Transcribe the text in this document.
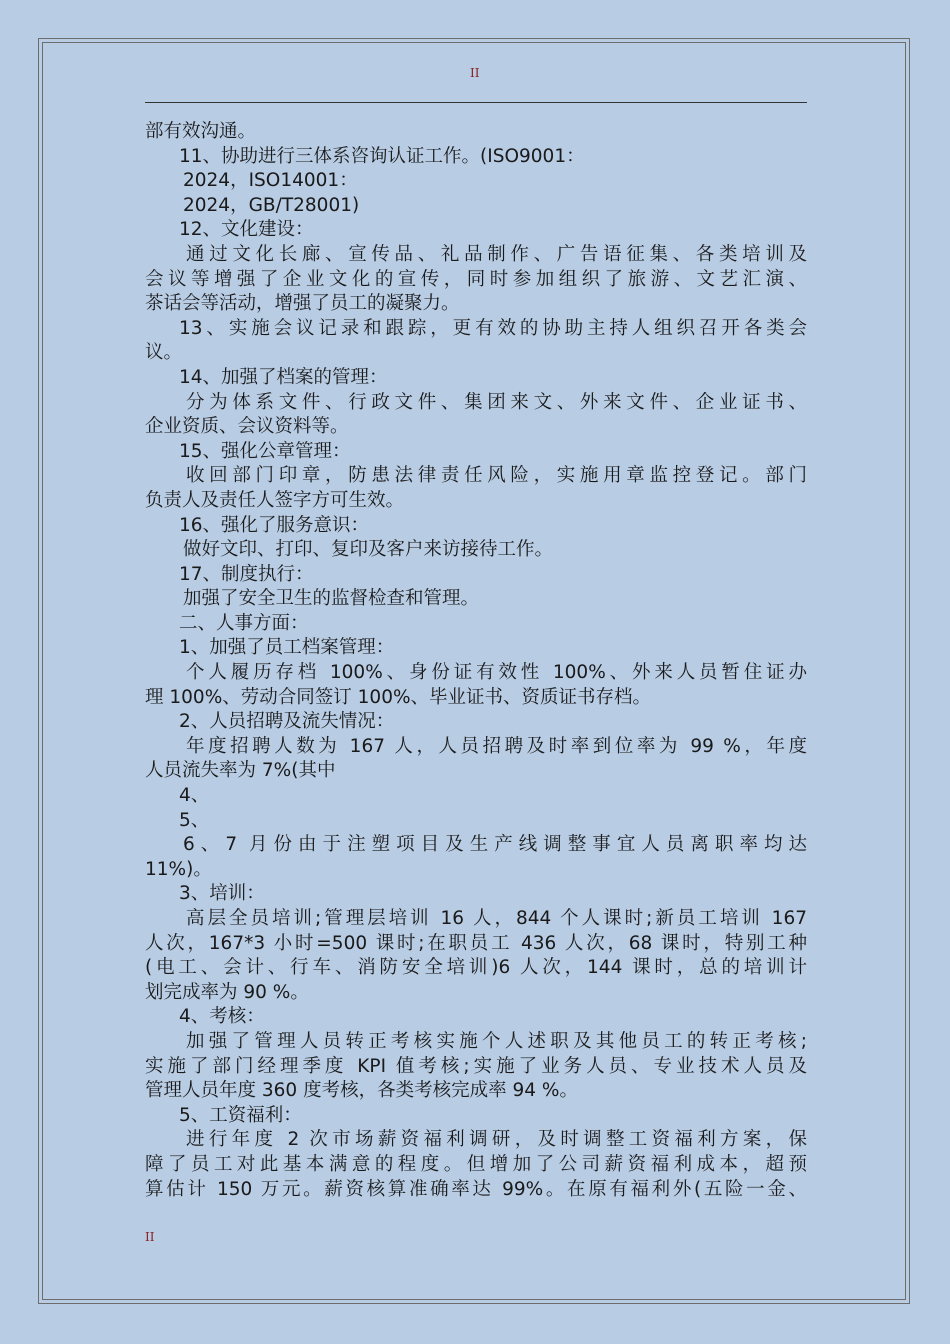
II
部有效沟通。
11、协助进行三体系咨询认证工作。(ISO9001：
2024，ISO14001：
2024，GB/T28001)
12、文化建设：
通过文化长廊、宣传品、礼品制作、广告语征集、各类培训及
会议等增强了企业文化的宣传，同时参加组织了旅游、文艺汇演、
茶话会等活动，增强了员工的凝聚力。
13、实施会议记录和跟踪，更有效的协助主持人组织召开各类会
议。
14、加强了档案的管理：
分为体系文件、行政文件、集团来文、外来文件、企业证书、
企业资质、会议资料等。
15、强化公章管理：
收回部门印章，防患法律责任风险，实施用章监控登记。部门
负责人及责任人签字方可生效。
16、强化了服务意识：
做好文印、打印、复印及客户来访接待工作。
17、制度执行：
加强了安全卫生的监督检查和管理。
二、人事方面：
1、加强了员工档案管理：
个人履历存档 100%、身份证有效性 100%、外来人员暂住证办
理 100%、劳动合同签订 100%、毕业证书、资质证书存档。
2、人员招聘及流失情况：
年度招聘人数为 167 人，人员招聘及时率到位率为 99 %，年度
人员流失率为 7%(其中
4、
5、
6、7 月份由于注塑项目及生产线调整事宜人员离职率均达
11%)。
3、培训：
高层全员培训;管理层培训 16 人，844 个人课时;新员工培训 167
人次，167*3 小时=500 课时;在职员工 436 人次，68 课时，特别工种
(电工、会计、行车、消防安全培训)6 人次，144 课时，总的培训计
划完成率为 90 %。
4、考核：
加强了管理人员转正考核实施个人述职及其他员工的转正考核;
实施了部门经理季度 KPI 值考核;实施了业务人员、专业技术人员及
管理人员年度 360 度考核，各类考核完成率 94 %。
5、工资福利：
进行年度 2 次市场薪资福利调研，及时调整工资福利方案，保
障了员工对此基本满意的程度。但增加了公司薪资福利成本，超预
算估计 150 万元。薪资核算准确率达 99%。在原有福利外(五险一金、
II
